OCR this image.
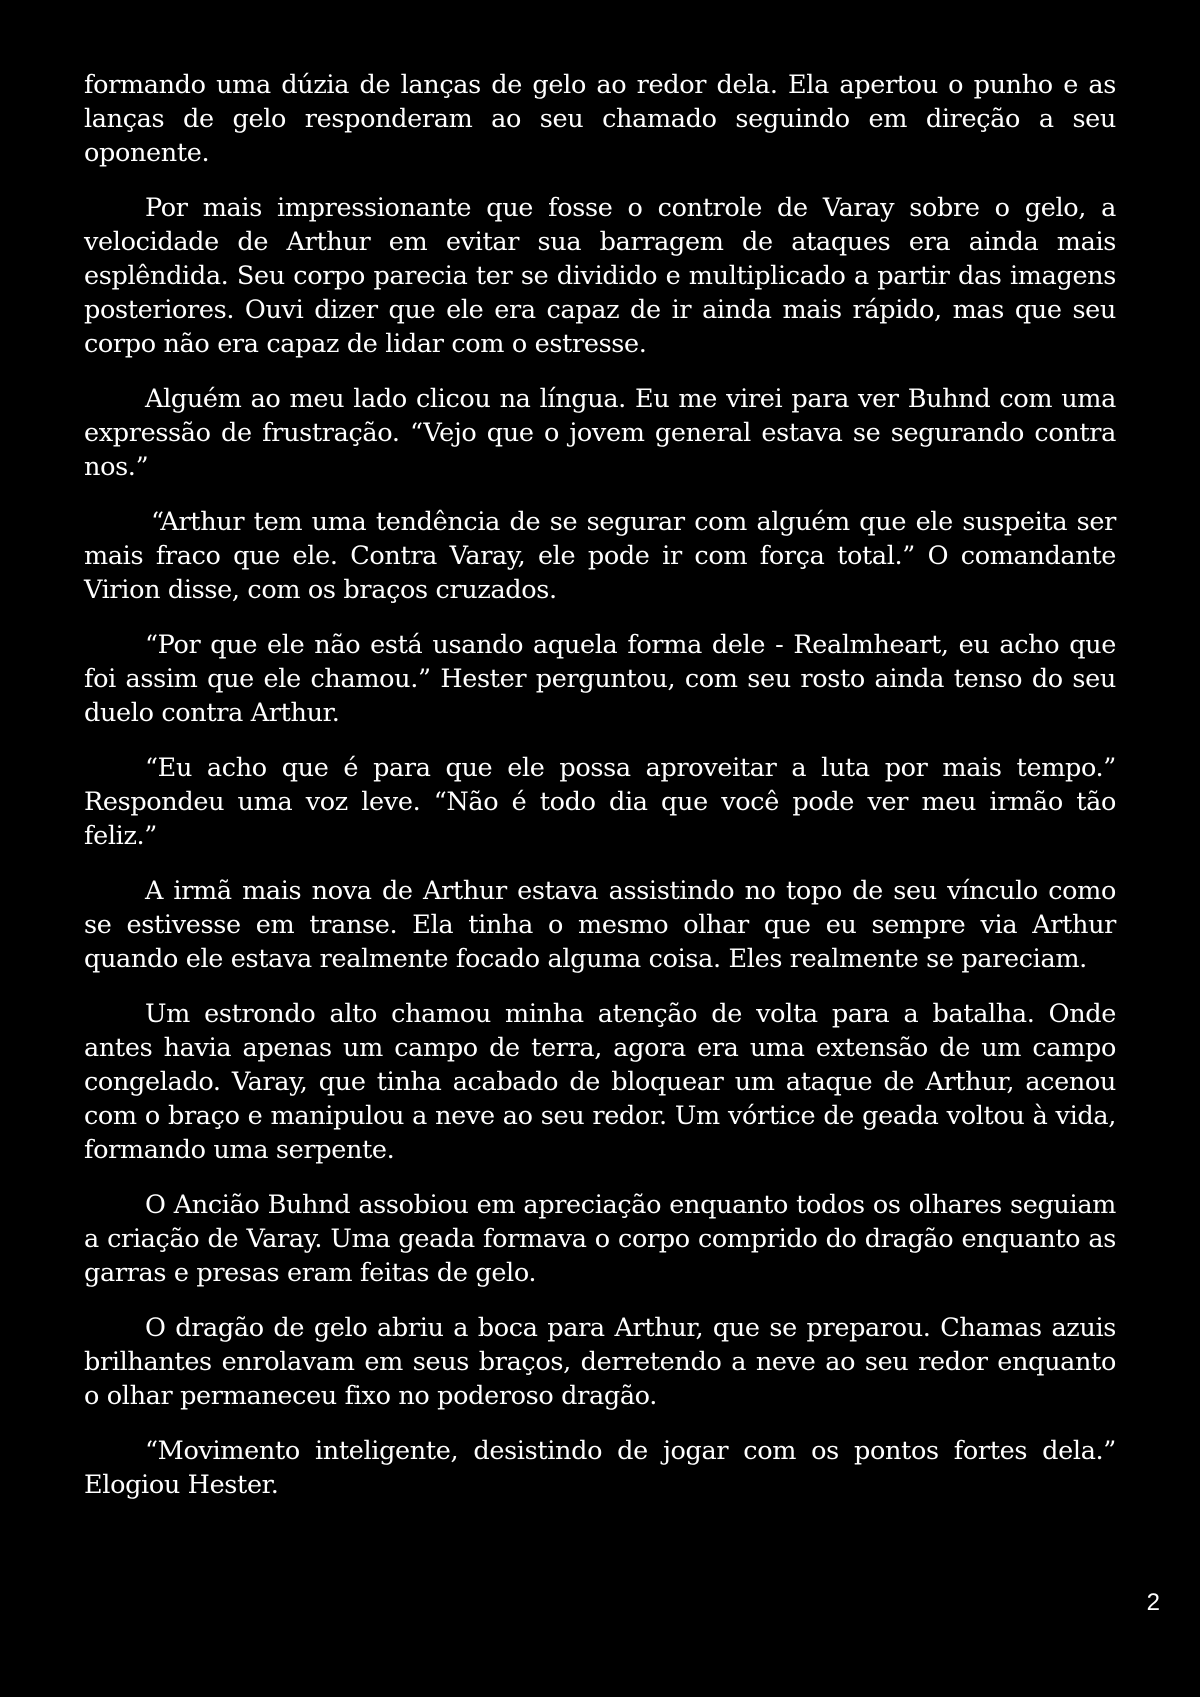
formando uma dúzia de lanças de gelo ao redor dela. Ela apertou o punho e as lanças de gelo responderam ao seu chamado seguindo em direção a seu oponente.

Por mais impressionante que fosse o controle de Varay sobre o gelo, a velocidade de Arthur em evitar sua barragem de ataques era ainda mais esplêndida. Seu corpo parecia ter se dividido e multiplicado a partir das imagens posteriores. Ouvi dizer que ele era capaz de ir ainda mais rápido, mas que seu corpo não era capaz de lidar com o estresse.

Alguém ao meu lado clicou na língua. Eu me virei para ver Buhnd com uma expressão de frustração. “Vejo que o jovem general estava se segurando contra nos.”

“Arthur tem uma tendência de se segurar com alguém que ele suspeita ser mais fraco que ele. Contra Varay, ele pode ir com força total.” O comandante Virion disse, com os braços cruzados.

“Por que ele não está usando aquela forma dele - Realmheart, eu acho que foi assim que ele chamou.” Hester perguntou, com seu rosto ainda tenso do seu duelo contra Arthur.

“Eu acho que é para que ele possa aproveitar a luta por mais tempo.” Respondeu uma voz leve. “Não é todo dia que você pode ver meu irmão tão feliz.”

A irmã mais nova de Arthur estava assistindo no topo de seu vínculo como se estivesse em transe. Ela tinha o mesmo olhar que eu sempre via Arthur quando ele estava realmente focado alguma coisa. Eles realmente se pareciam.

Um estrondo alto chamou minha atenção de volta para a batalha. Onde antes havia apenas um campo de terra, agora era uma extensão de um campo congelado. Varay, que tinha acabado de bloquear um ataque de Arthur, acenou com o braço e manipulou a neve ao seu redor. Um vórtice de geada voltou à vida, formando uma serpente.

O Ancião Buhnd assobiou em apreciação enquanto todos os olhares seguiam a criação de Varay. Uma geada formava o corpo comprido do dragão enquanto as garras e presas eram feitas de gelo.

O dragão de gelo abriu a boca para Arthur, que se preparou. Chamas azuis brilhantes enrolavam em seus braços, derretendo a neve ao seu redor enquanto o olhar permaneceu fixo no poderoso dragão.

“Movimento inteligente, desistindo de jogar com os pontos fortes dela.” Elogiou Hester.

2
